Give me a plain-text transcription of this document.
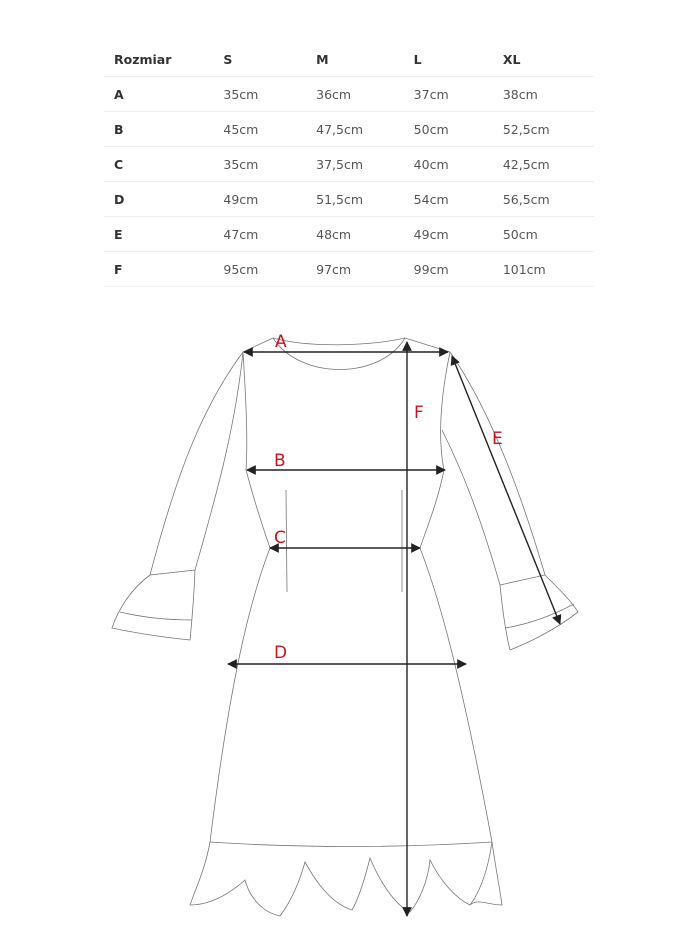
Rozmiar	S	M	L	XL
A	35cm	36cm	37cm	38cm
B	45cm	47,5cm	50cm	52,5cm
C	35cm	37,5cm	40cm	42,5cm
D	49cm	51,5cm	54cm	56,5cm
E	47cm	48cm	49cm	50cm
F	95cm	97cm	99cm	101cm
A
B
C
D
E
F
